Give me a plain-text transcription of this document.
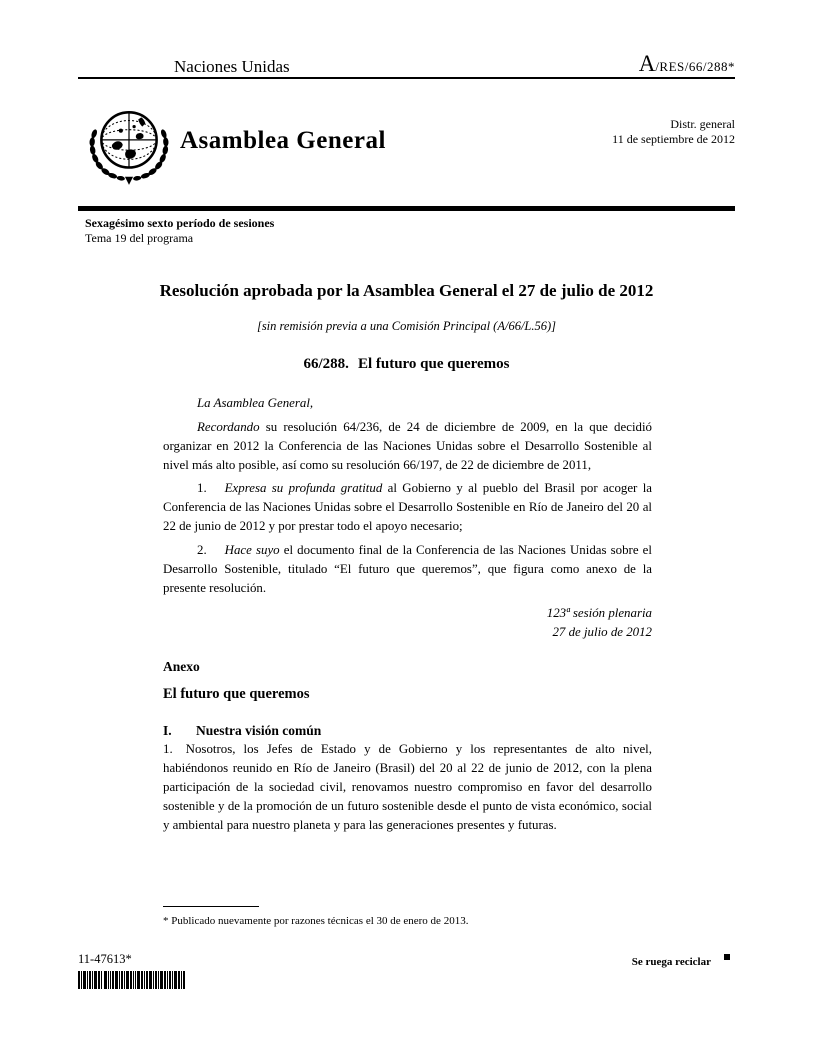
Naciones Unidas	A/RES/66/288*
Asamblea General
Distr. general
11 de septiembre de 2012
Sexagésimo sexto período de sesiones
Tema 19 del programa

Resolución aprobada por la Asamblea General el 27 de julio de 2012

[sin remisión previa a una Comisión Principal (A/66/L.56)]
66/288. El futuro que queremos

La Asamblea General,

Recordando su resolución 64/236, de 24 de diciembre de 2009, en la que decidió organizar en 2012 la Conferencia de las Naciones Unidas sobre el Desarrollo Sostenible al nivel más alto posible, así como su resolución 66/197, de 22 de diciembre de 2011,

1. Expresa su profunda gratitud al Gobierno y al pueblo del Brasil por acoger la Conferencia de las Naciones Unidas sobre el Desarrollo Sostenible en Río de Janeiro del 20 al 22 de junio de 2012 y por prestar todo el apoyo necesario;

2. Hace suyo el documento final de la Conferencia de las Naciones Unidas sobre el Desarrollo Sostenible, titulado “El futuro que queremos”, que figura como anexo de la presente resolución.

123ª sesión plenaria
27 de julio de 2012
Anexo
El futuro que queremos
I. Nuestra visión común

1. Nosotros, los Jefes de Estado y de Gobierno y los representantes de alto nivel, habiéndonos reunido en Río de Janeiro (Brasil) del 20 al 22 de junio de 2012, con la plena participación de la sociedad civil, renovamos nuestro compromiso en favor del desarrollo sostenible y de la promoción de un futuro sostenible desde el punto de vista económico, social y ambiental para nuestro planeta y para las generaciones presentes y futuras.

* Publicado nuevamente por razones técnicas el 30 de enero de 2013.
11-47613*	Se ruega reciclar
